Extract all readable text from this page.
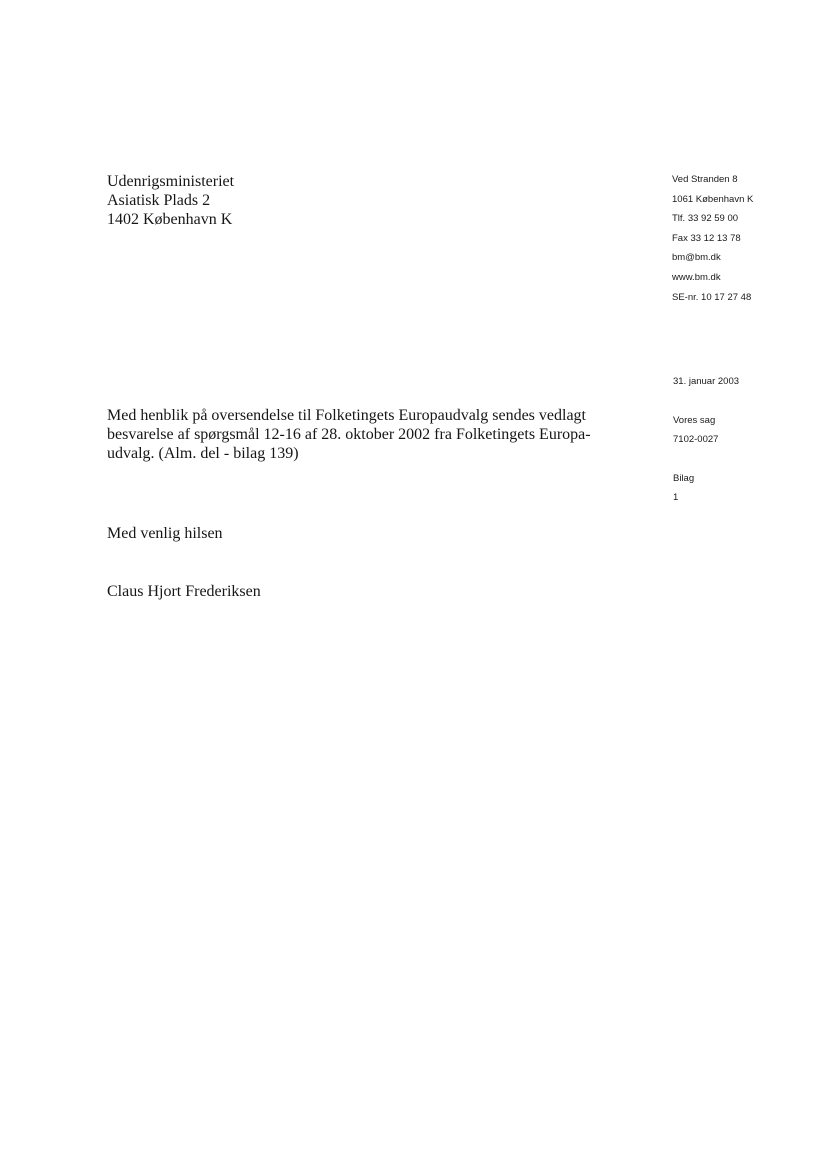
Udenrigsministeriet
Asiatisk Plads 2
1402 København K
Ved Stranden 8
1061 København K
Tlf. 33 92 59 00
Fax 33 12 13 78
bm@bm.dk
www.bm.dk
SE-nr. 10 17 27 48
31. januar 2003
Vores sag
7102-0027
Bilag
1
Med henblik på oversendelse til Folketingets Europaudvalg sendes vedlagt
besvarelse af spørgsmål 12-16 af 28. oktober 2002 fra Folketingets Europa-
udvalg. (Alm. del - bilag 139)
Med venlig hilsen
Claus Hjort Frederiksen
